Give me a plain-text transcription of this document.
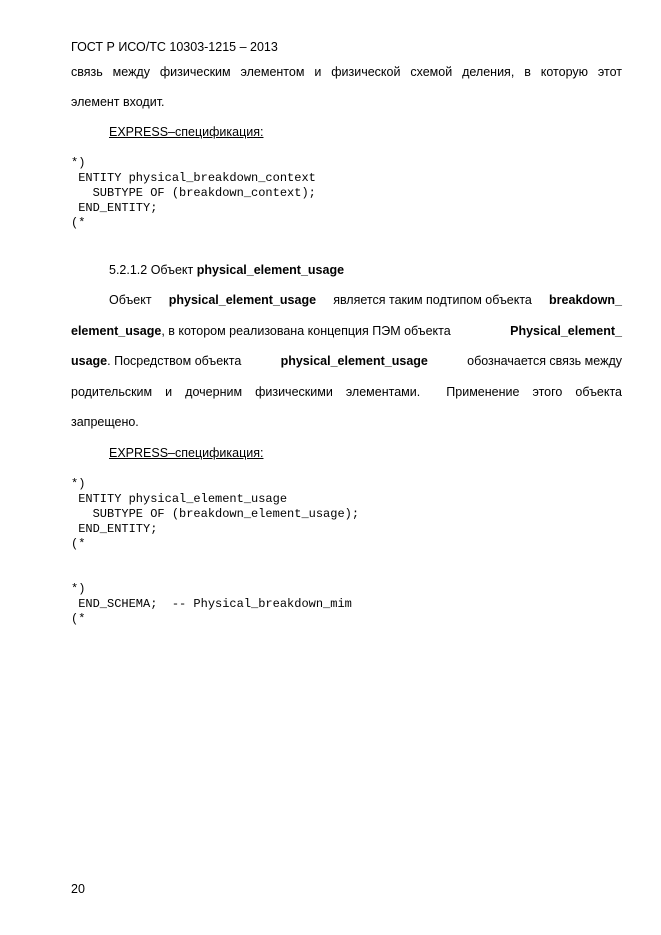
ГОСТ Р ИСО/ТС 10303-1215 – 2013
связь между физическим элементом и физической схемой деления, в которую этот
элемент входит.
EXPRESS–спецификация:
*)
ENTITY physical_breakdown_context
SUBTYPE OF (breakdown_context);
END_ENTITY;
(*
5.2.1.2 Объект physical_element_usage
Объект physical_element_usage является таким подтипом объекта breakdown_
element_usage, в котором реализована концепция ПЭМ объекта	Physical_element_
usage. Посредством объекта	physical_element_usage	обозначается связь между
родительским и дочерним физическими элементами.  Применение этого объекта
запрещено.
EXPRESS–спецификация:
*)
ENTITY physical_element_usage
SUBTYPE OF (breakdown_element_usage);
END_ENTITY;
(*
*)
END_SCHEMA;  -- Physical_breakdown_mim
(*
20
